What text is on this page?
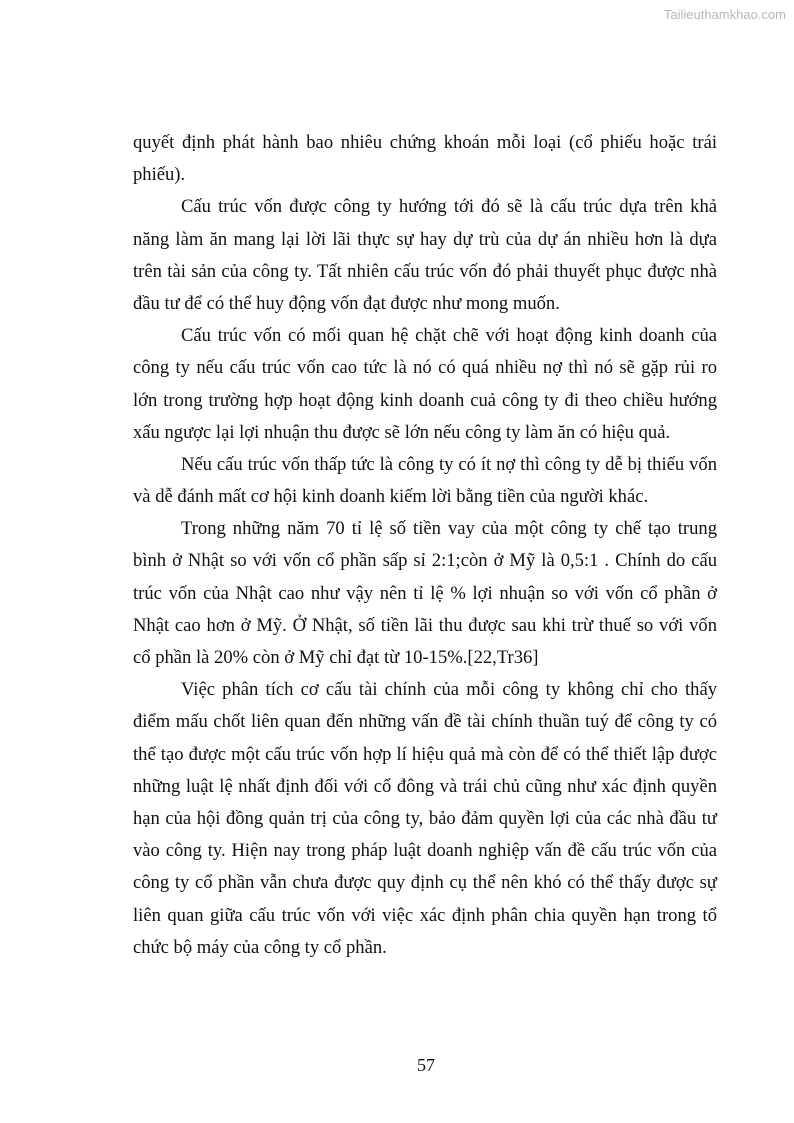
Tailieuthamkhao.com
quyết định phát hành bao nhiêu chứng khoán mỗi loại (cổ phiếu hoặc trái
phiếu).
Cấu trúc vốn được công ty hướng tới đó sẽ là cấu trúc dựa trên khả
năng làm ăn mang lại lời lãi thực sự hay dự trù của dự án nhiều hơn là dựa
trên tài sản của công ty. Tất nhiên cấu trúc vốn đó phải thuyết phục được nhà
đầu tư để có thể huy động vốn đạt được như mong muốn.
Cấu trúc vốn có mối quan hệ chặt chẽ với hoạt động kinh doanh của
công ty nếu cấu trúc vốn cao tức là nó có quá nhiều nợ thì nó sẽ gặp rủi ro
lớn trong trường hợp hoạt động kinh doanh cuả công ty đi theo chiều hướng
xấu ngược lại lợi nhuận thu được sẽ lớn nếu công ty làm ăn có hiệu quả.
Nếu cấu trúc vốn thấp tức là công ty có ít nợ thì công ty dễ bị thiếu vốn
và dễ đánh mất cơ hội kinh doanh kiếm lời bằng tiền của người khác.
Trong những năm 70 tỉ lệ số tiền vay của một công ty chế tạo trung
bình ở Nhật so với vốn cổ phần sấp sỉ 2:1;còn ở Mỹ là 0,5:1 . Chính do cấu
trúc vốn của Nhật cao như vậy nên tỉ lệ % lợi nhuận so với vốn cổ phần ở
Nhật cao hơn ở Mỹ. Ở Nhật, số tiền lãi thu được sau khi trừ thuế so với vốn
cổ phần là 20% còn ở Mỹ chỉ đạt từ 10-15%.[22,Tr36]
Việc phân tích cơ cấu tài chính của mỗi công ty không chỉ cho thấy
điểm mấu chốt liên quan đến những vấn đề tài chính thuần tuý để công ty có
thể tạo được một cấu trúc vốn hợp lí hiệu quả mà còn để có thể thiết lập được
những luật lệ nhất định đối với cổ đông và trái chủ cũng như xác định quyền
hạn của hội đồng quản trị của công ty, bảo đảm quyền lợi của các nhà đầu tư
vào công ty. Hiện nay trong pháp luật doanh nghiệp vấn đề cấu trúc vốn của
công ty cổ phần vẫn chưa được quy định cụ thể nên khó có thể thấy được sự
liên quan giữa cấu trúc vốn với việc xác định phân chia quyền hạn trong tổ
chức bộ máy của công ty cổ phần.
57
